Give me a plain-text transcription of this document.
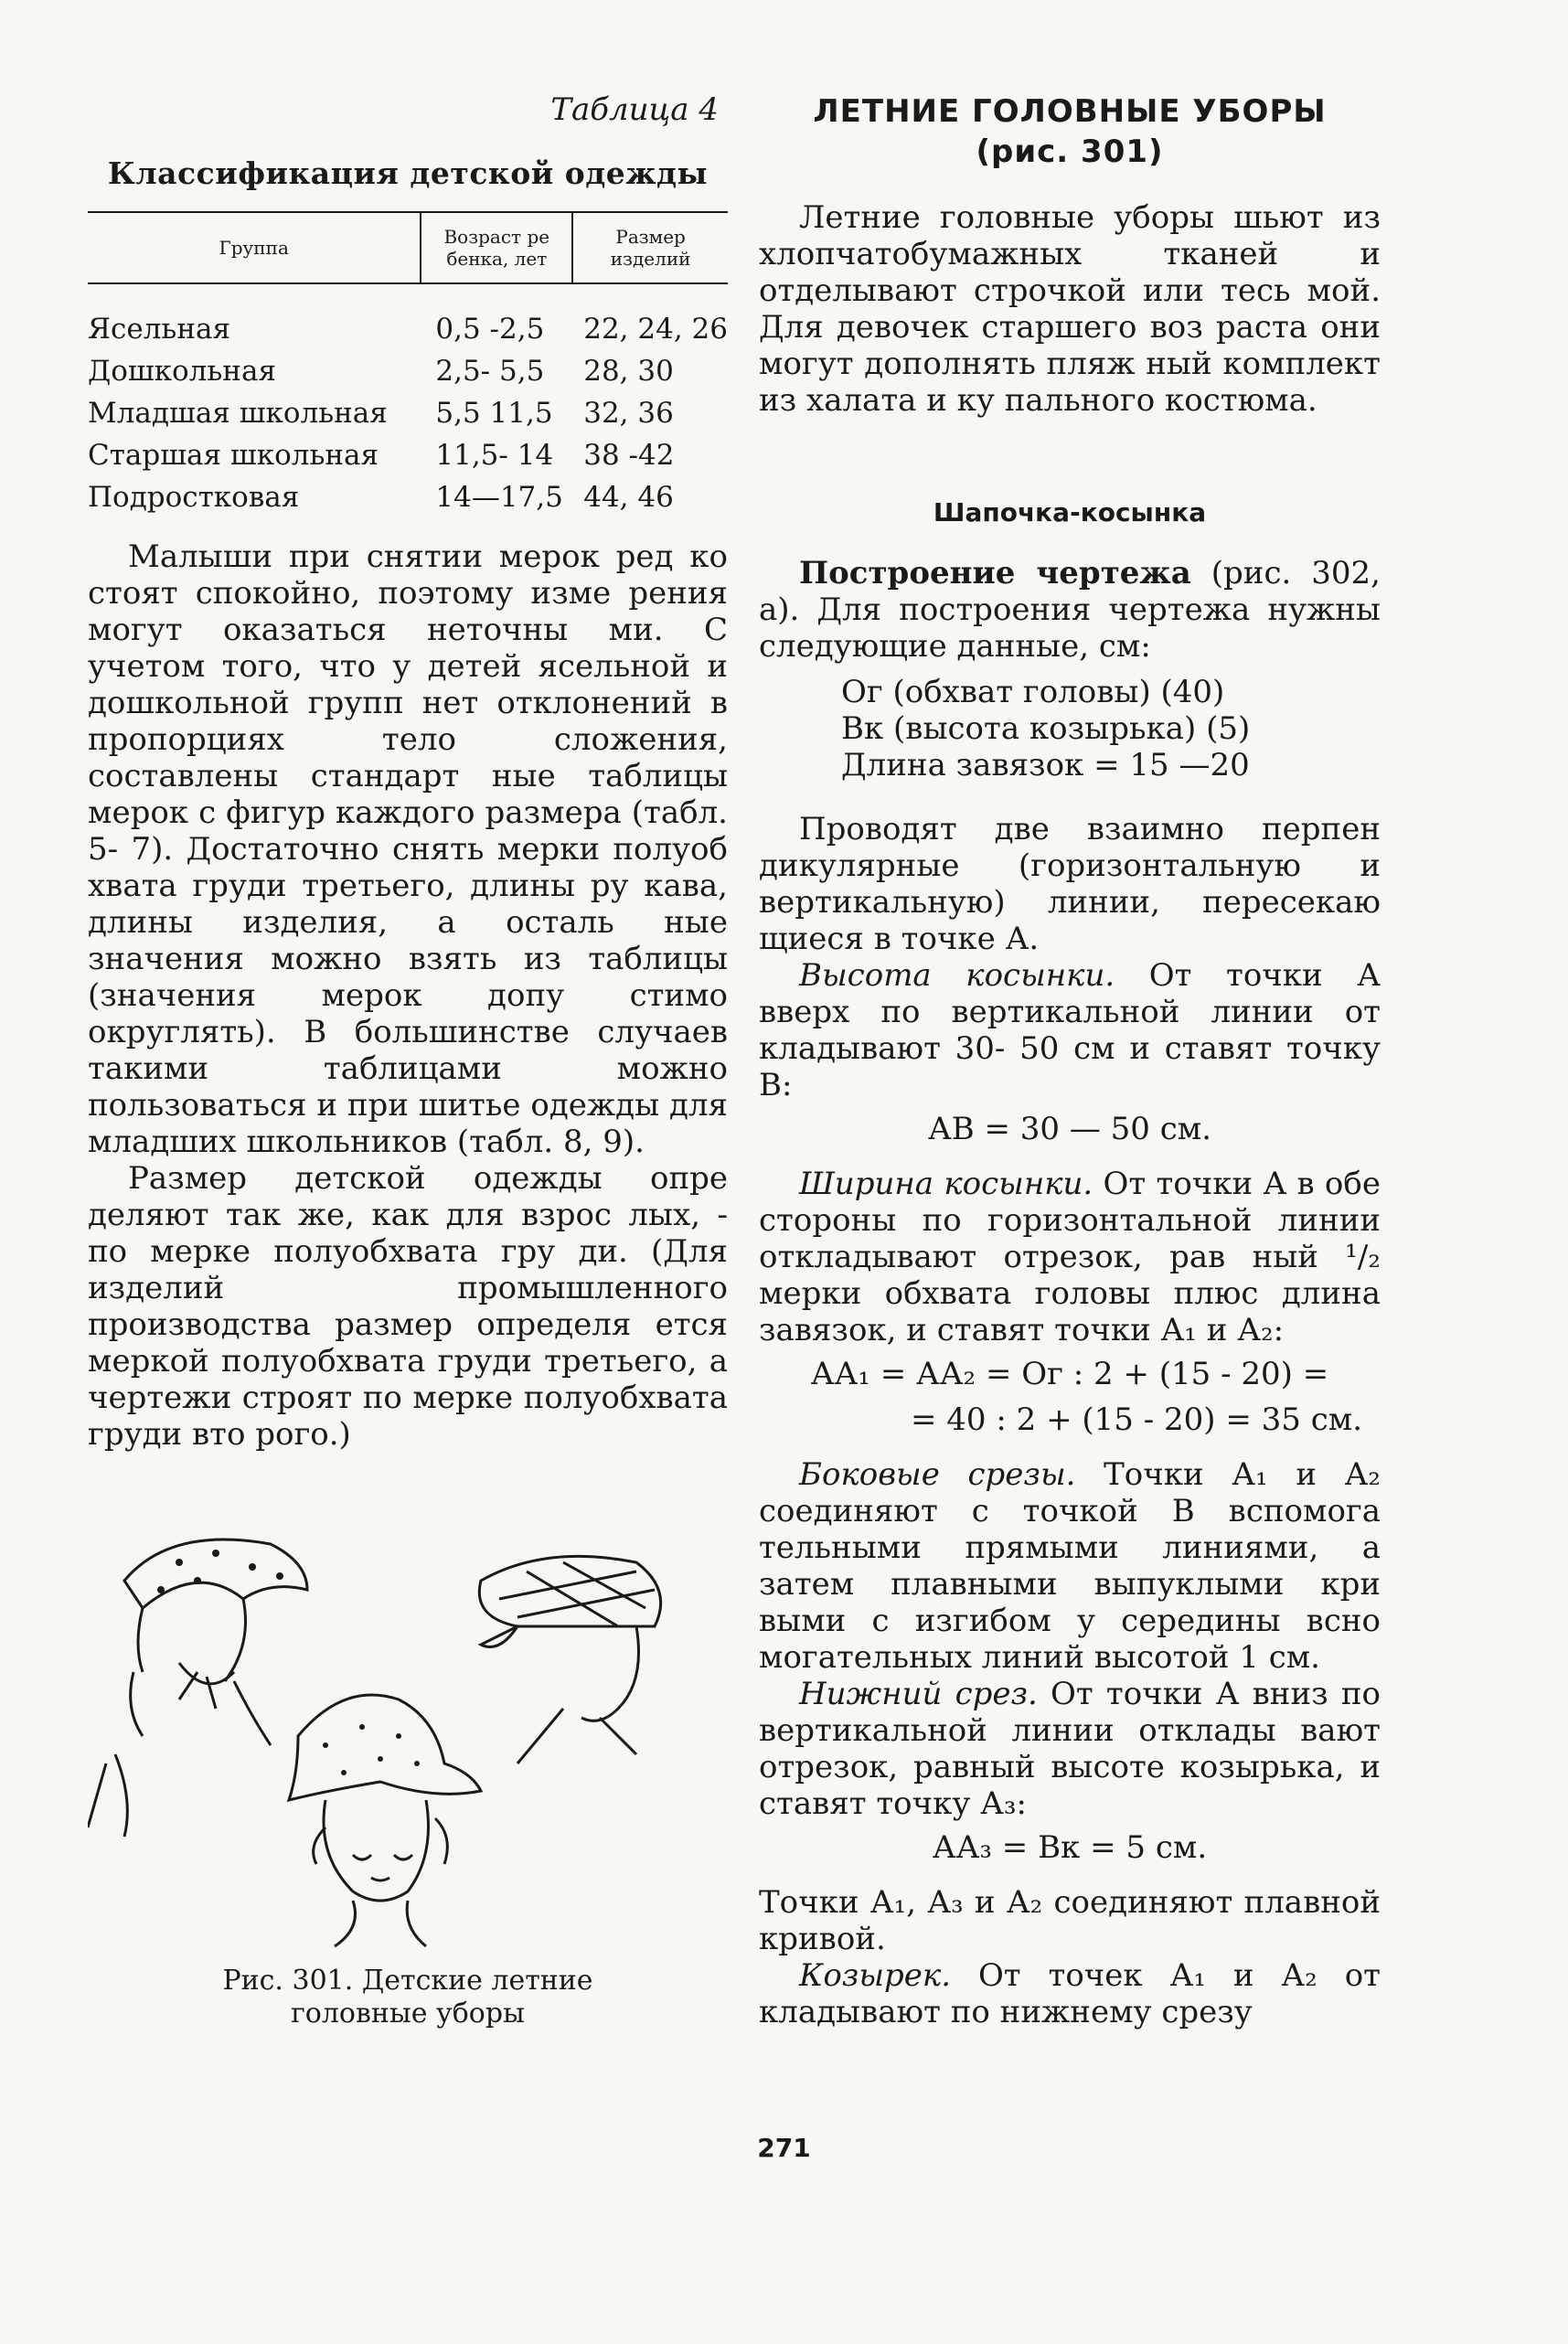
Таблица 4
Классификация детской одежды
Группа	Возраст ре бенка, лет	Размер изделий
Ясельная	0,5 -2,5	22, 24, 26
Дошкольная	2,5- 5,5	28, 30
Младшая школьная	5,5 11,5	32, 36
Старшая школьная	11,5- 14	38 -42
Подростковая	14—17,5	44, 46

Малыши при снятии мерок ред ко стоят спокойно, поэтому изме рения могут оказаться неточны ми. С учетом того, что у детей ясельной и дошкольной групп нет отклонений в пропорциях тело сложения, составлены стандарт ные таблицы мерок с фигур каждого размера (табл. 5- 7). Достаточно снять мерки полуоб хвата груди третьего, длины ру кава, длины изделия, а осталь ные значения можно взять из таблицы (значения мерок допу стимо округлять). В большинстве случаев такими таблицами можно пользоваться и при шитье одежды для младших школьников (табл. 8, 9).

Размер детской одежды опре деляют так же, как для взрос лых, - по мерке полуобхвата гру ди. (Для изделий промышленного производства размер определя ется меркой полуобхвата груди третьего, а чертежи строят по мерке полуобхвата груди вто рого.)

Рис. 301. Детские летние
головные уборы
ЛЕТНИЕ ГОЛОВНЫЕ УБОРЫ
(рис. 301)

Летние головные уборы шьют из хлопчатобумажных тканей и отделывают строчкой или тесь мой. Для девочек старшего воз раста они могут дополнять пляж ный комплект из халата и ку пального костюма.

Шапочка-косынка

Построение чертежа (рис. 302, а). Для построения чертежа нужны следующие данные, см:

Ог (обхват головы) (40)
Вк (высота козырька) (5)
Длина завязок = 15 —20

Проводят две взаимно перпен дикулярные (горизонтальную и вертикальную) линии, пересекаю щиеся в точке А.

Высота косынки. От точки А вверх по вертикальной линии от кладывают 30- 50 см и ставят точку В:

АВ = 30 — 50 см.

Ширина косынки. От точки А в обе стороны по горизонтальной линии откладывают отрезок, рав ный ¹/₂ мерки обхвата головы плюс длина завязок, и ставят точки А₁ и А₂:

АА₁ = АА₂ = Ог : 2 + (15 - 20) =
= 40 : 2 + (15 - 20) = 35 см.

Боковые срезы. Точки А₁ и А₂ соединяют с точкой В вспомога тельными прямыми линиями, а затем плавными выпуклыми кри выми с изгибом у середины всно могательных линий высотой 1 см.

Нижний срез. От точки А вниз по вертикальной линии отклады вают отрезок, равный высоте козырька, и ставят точку А₃:

АА₃ = Вк = 5 см.

Точки А₁, А₃ и А₂ соединяют плавной кривой.

Козырек. От точек А₁ и А₂ от кладывают по нижнему срезу

271
